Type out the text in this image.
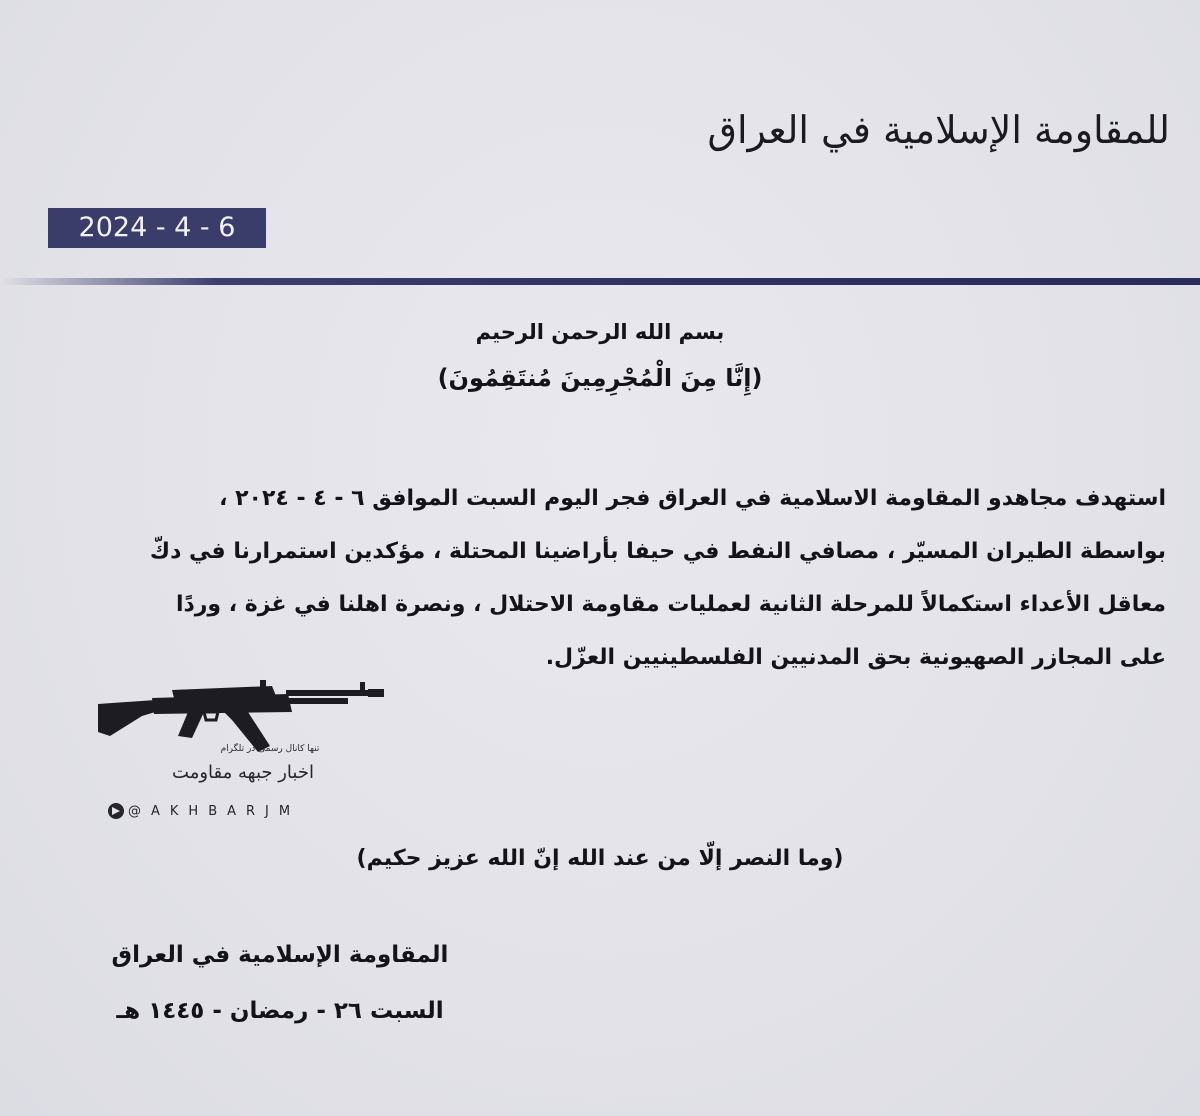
للمقاومة الإسلامية في العراق
2024 - 4 - 6
بسم الله الرحمن الرحيم
(إِنَّا مِنَ الْمُجْرِمِينَ مُنتَقِمُونَ)
استهدف مجاهدو المقاومة الاسلامية في العراق فجر اليوم السبت الموافق ٦ - ٤ - ٢٠٢٤ ،
بواسطة الطيران المسيّر ، مصافي النفط في حيفا بأراضينا المحتلة ، مؤكدين استمرارنا في دكّ
معاقل الأعداء استكمالاً للمرحلة الثانية لعمليات مقاومة الاحتلال ، ونصرة اهلنا في غزة ، وردًا
على المجازر الصهيونية بحق المدنيين الفلسطينيين العزّل.
تنها کانال رسمی در تلگرام
اخبار جبهه مقاومت
@AKHBARJM
(وما النصر إلّا من عند الله إنّ الله عزيز حكيم)
المقاومة الإسلامية في العراق
السبت ٢٦ - رمضان - ١٤٤٥ هـ
